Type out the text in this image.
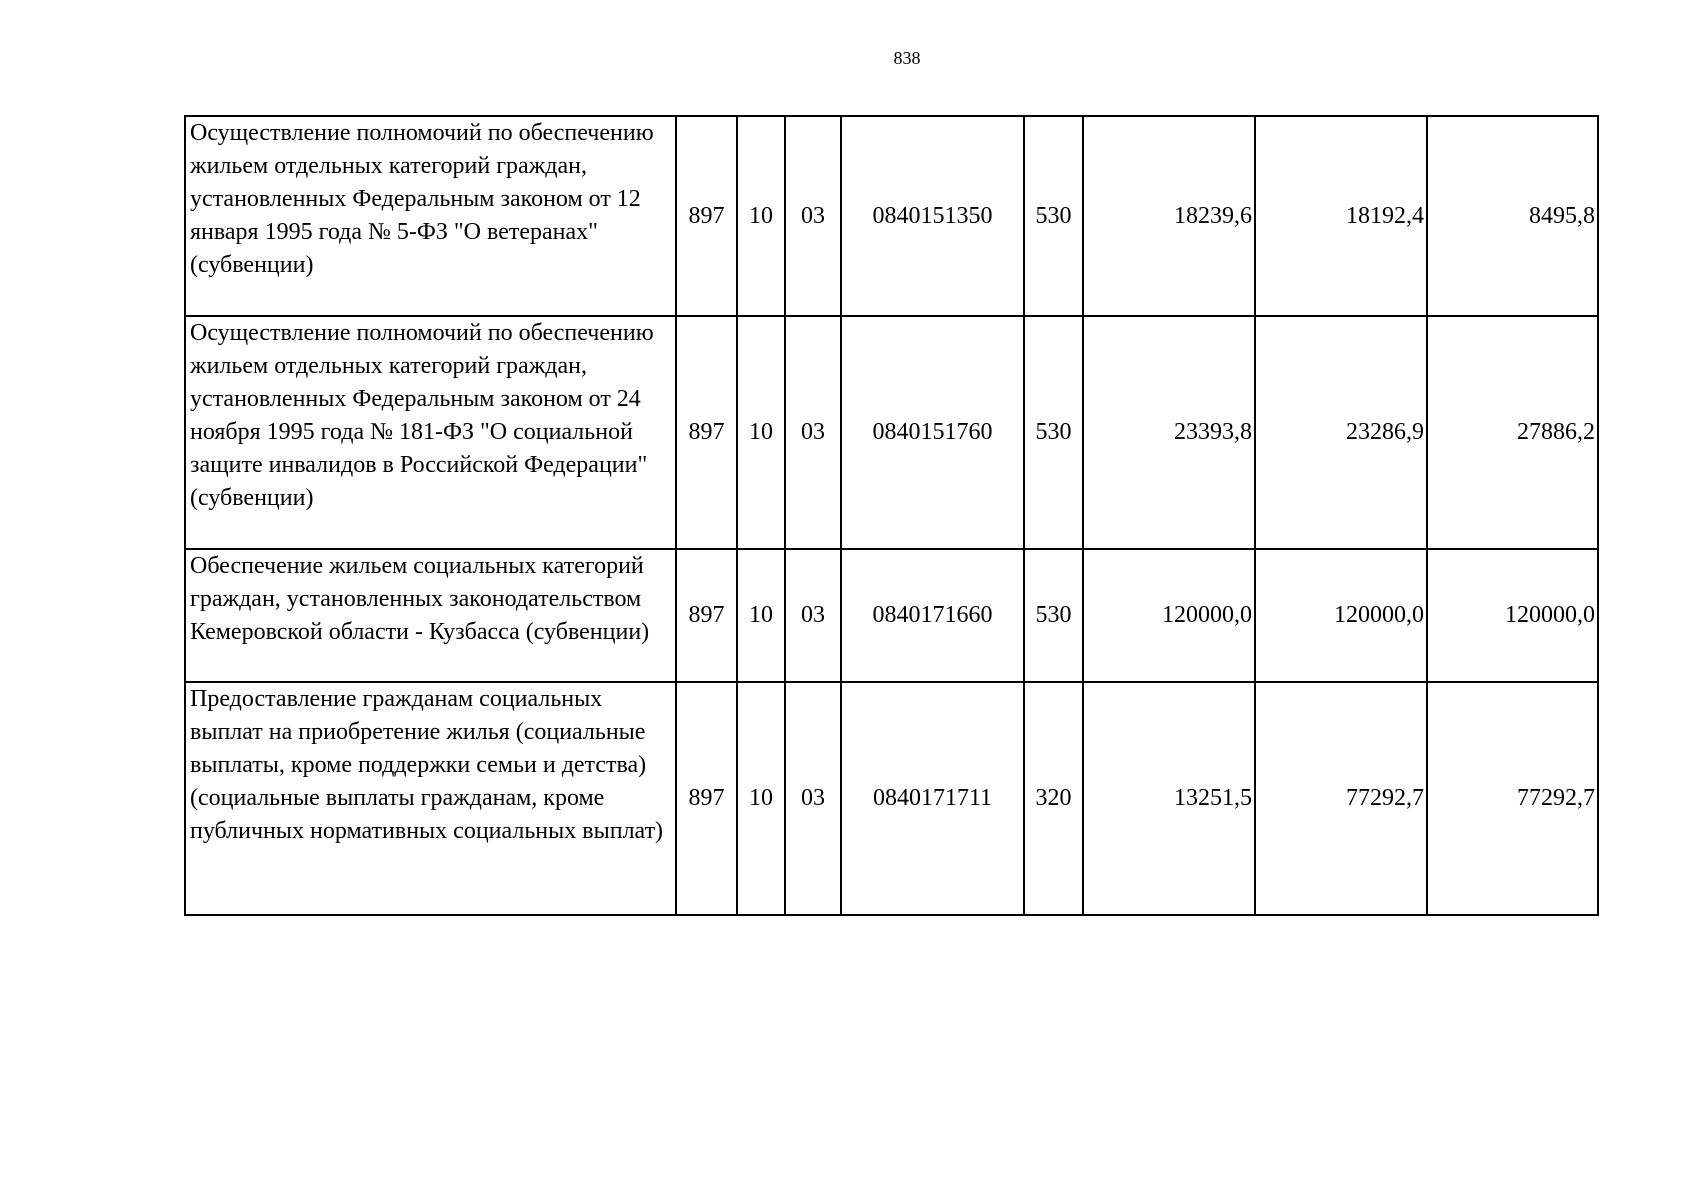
838
Осуществление полномочий по обеспечению жильем отдельных категорий граждан, установленных Федеральным законом от 12 января 1995 года № 5-ФЗ "О ветеранах" (субвенции)	897	10	03	0840151350	530	18239,6	18192,4	8495,8
Осуществление полномочий по обеспечению жильем отдельных категорий граждан, установленных Федеральным законом от 24 ноября 1995 года № 181-ФЗ "О социальной защите инвалидов в Российской Федерации" (субвенции)	897	10	03	0840151760	530	23393,8	23286,9	27886,2
Обеспечение жильем социальных категорий граждан, установленных законодательством Кемеровской области - Кузбасса (субвенции)	897	10	03	0840171660	530	120000,0	120000,0	120000,0
Предоставление гражданам социальных выплат на приобретение жилья (социальные выплаты, кроме поддержки семьи и детства) (социальные выплаты гражданам, кроме публичных нормативных социальных выплат)	897	10	03	0840171711	320	13251,5	77292,7	77292,7
